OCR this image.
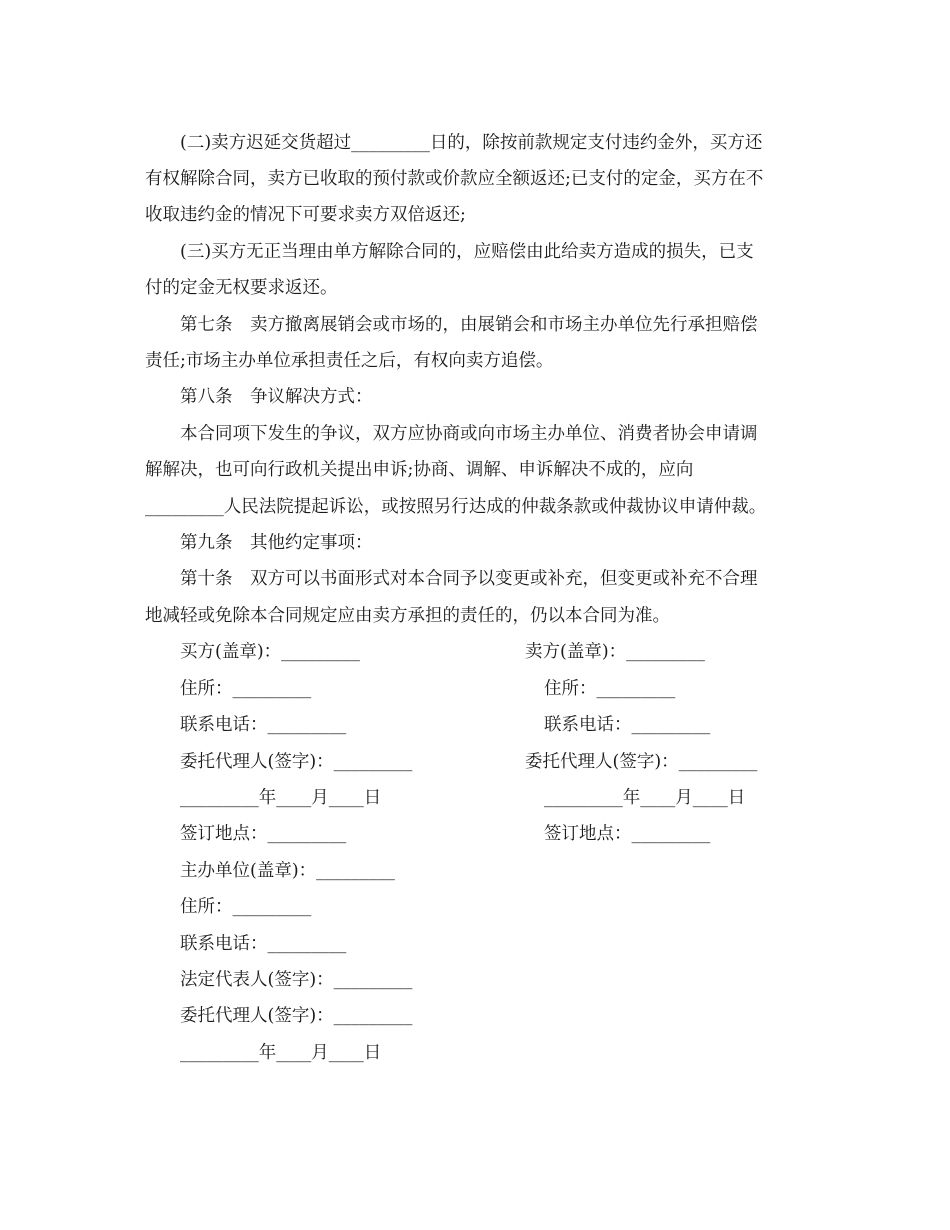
(二)卖方迟延交货超过_________日的，除按前款规定支付违约金外，买方还
有权解除合同，卖方已收取的预付款或价款应全额返还;已支付的定金，买方在不
收取违约金的情况下可要求卖方双倍返还;
(三)买方无正当理由单方解除合同的，应赔偿由此给卖方造成的损失，已支
付的定金无权要求返还。
第七条　卖方撤离展销会或市场的，由展销会和市场主办单位先行承担赔偿
责任;市场主办单位承担责任之后，有权向卖方追偿。
第八条　争议解决方式：
本合同项下发生的争议，双方应协商或向市场主办单位、消费者协会申请调
解解决，也可向行政机关提出申诉;协商、调解、申诉解决不成的，应向
_________人民法院提起诉讼，或按照另行达成的仲裁条款或仲裁协议申请仲裁。
第九条　其他约定事项：
第十条　双方可以书面形式对本合同予以变更或补充，但变更或补充不合理
地减轻或免除本合同规定应由卖方承担的责任的，仍以本合同为准。
买方(盖章)：_________
住所：_________
联系电话：_________
委托代理人(签字)：_________
_________年____月____日
签订地点：_________
卖方(盖章)：_________
住所：_________
联系电话：_________
委托代理人(签字)：_________
_________年____月____日
签订地点：_________
主办单位(盖章)：_________
住所：_________
联系电话：_________
法定代表人(签字)：_________
委托代理人(签字)：_________
_________年____月____日
